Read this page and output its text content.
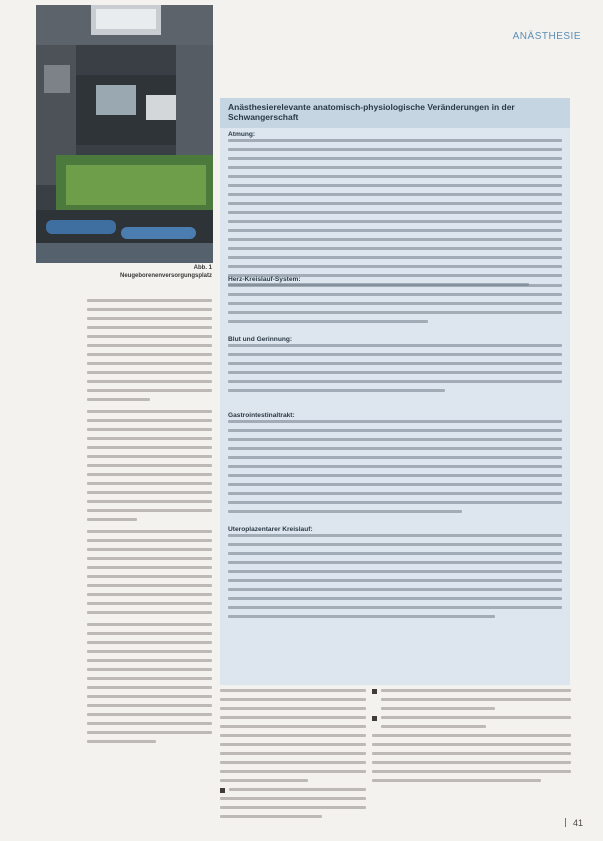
ANÄSTHESIE
Abb. 1
Neugeborenenversorgungsplatz
Anästhesierelevante anatomisch-physiologische Veränderungen in der Schwangerschaft
Atmung:
Herz-Kreislauf-System:
Blut und Gerinnung:
Gastrointestinaltrakt:
Uteroplazentarer Kreislauf:
41
